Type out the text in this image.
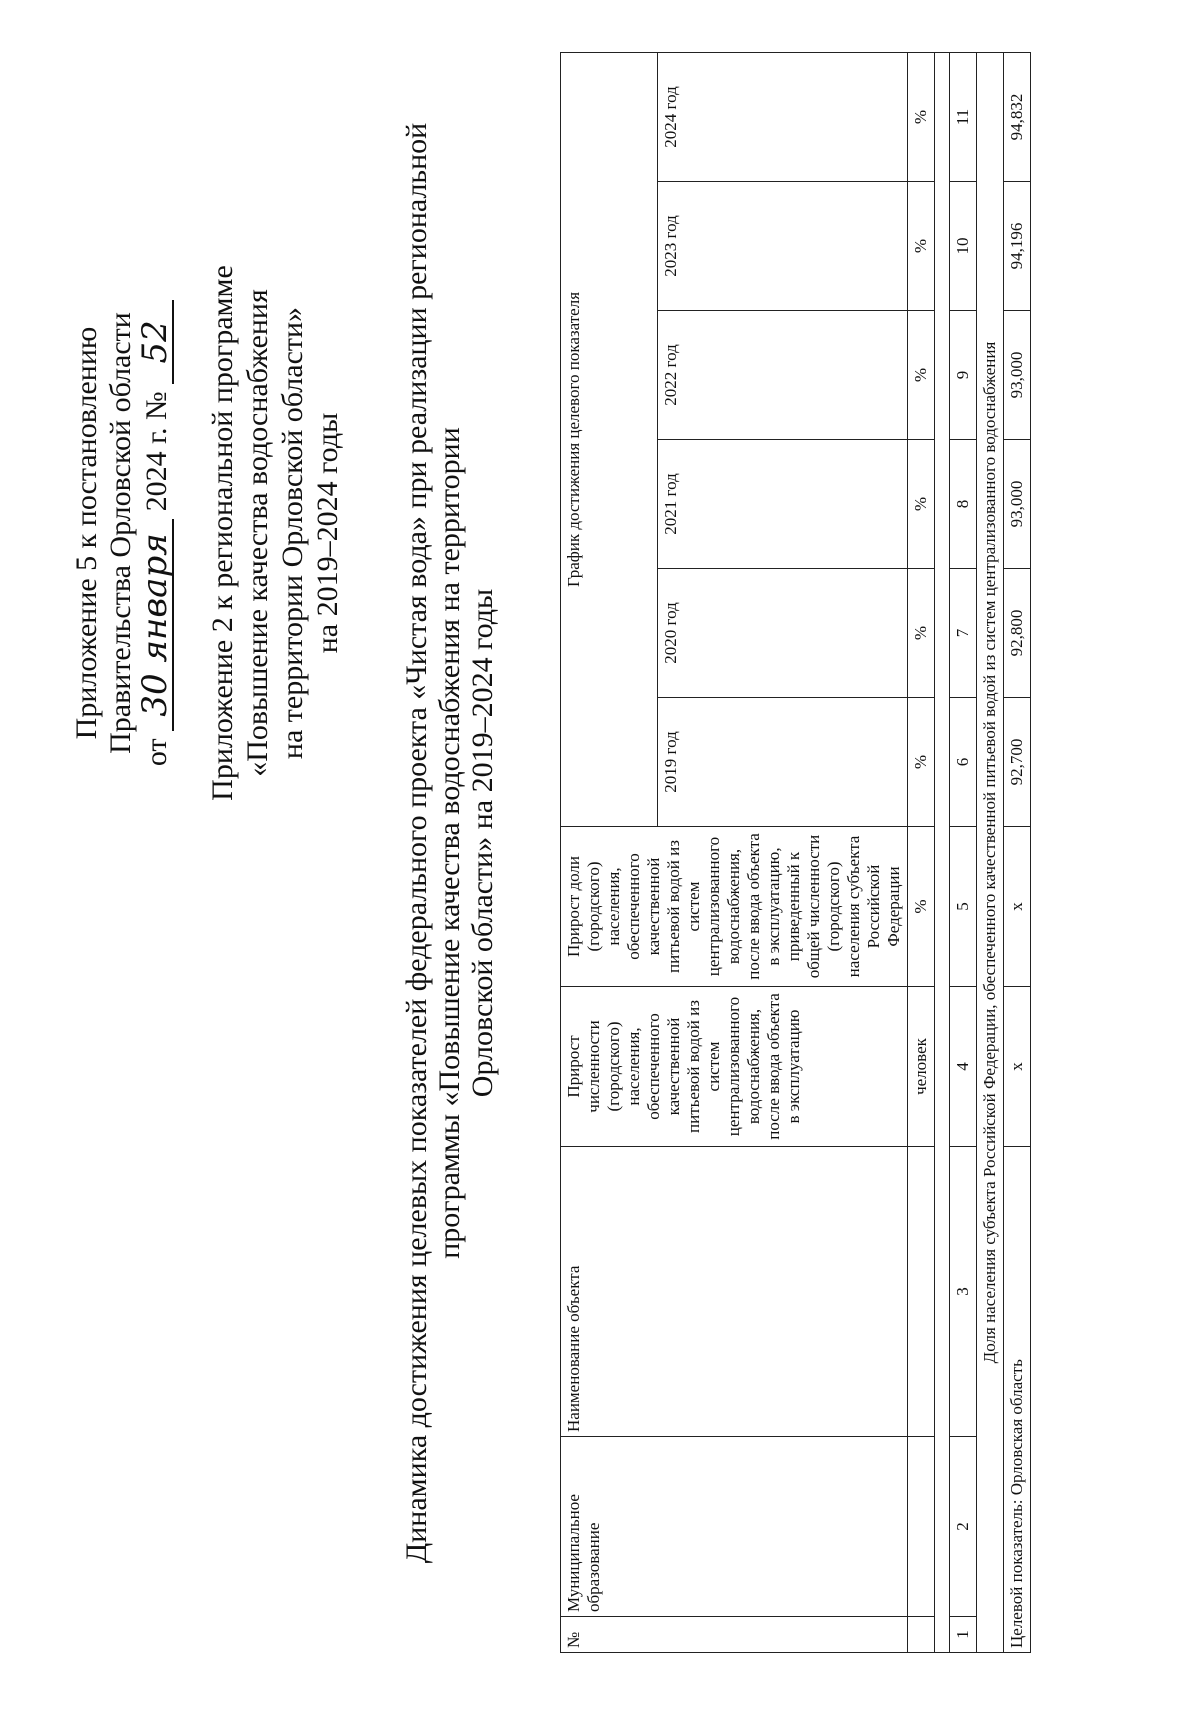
Приложение 5 к постановлению Правительства Орловской области от 30 января 2024 г. № 52 Приложение 2 к региональной программе «Повышение качества водоснабжения на территории Орловской области» на 2019–2024 годы Динамика достижения целевых показателей федерального проекта «Чистая вода» при реализации региональной программы «Повышение качества водоснабжения на территории Орловской области» на 2019–2024 годы
№	Муниципальное образование	Наименование объекта	Прирост численности (городского) населения, обеспеченного качественной питьевой водой из систем централизованного водоснабжения, после ввода объекта в эксплуатацию	Прирост доли (городского) населения, обеспеченного качественной питьевой водой из систем централизованного водоснабжения, после ввода объекта в эксплуатацию, приведенный к общей численности (городского) населения субъекта Российской Федерации	График достижения целевого показателя					
					2019 год	2020 год	2021 год	2022 год	2023 год	2024 год
			человек	%	%	%	%	%	%	%

1	2	3	4	5	6	7	8	9	10	11
Доля населения субъекта Российской Федерации, обеспеченного качественной питьевой водой из систем централизованного водоснабжения										
Целевой показатель: Орловская область			x	x	92,700	92,800	93,000	93,000	94,196	94,832
